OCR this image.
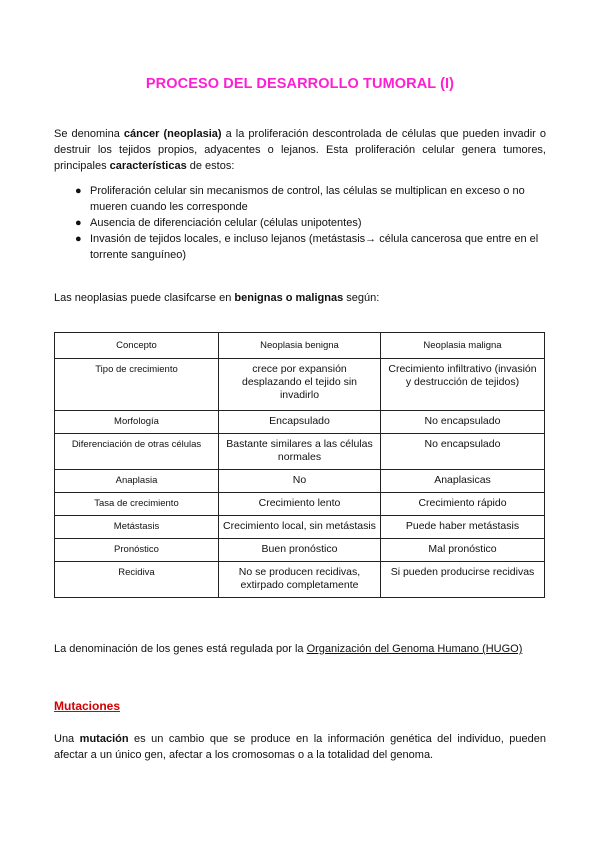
PROCESO DEL DESARROLLO TUMORAL (I)

Se denomina cáncer (neoplasia) a la proliferación descontrolada de células que pueden invadir o destruir los tejidos propios, adyacentes o lejanos. Esta proliferación celular genera tumores, principales características de estos:

● Proliferación celular sin mecanismos de control, las células se multiplican en exceso o no mueren cuando les corresponde
● Ausencia de diferenciación celular (células unipotentes)
● Invasión de tejidos locales, e incluso lejanos (metástasis→ célula cancerosa que entre en el torrente sanguíneo)

Las neoplasias puede clasifcarse en benignas o malignas según:

Concepto	Neoplasia benigna	Neoplasia maligna
Tipo de crecimiento	crece por expansión desplazando el tejido sin invadirlo	Crecimiento infiltrativo (invasión y destrucción de tejidos)
Morfología	Encapsulado	No encapsulado
Diferenciación de otras células	Bastante similares a las células normales	No encapsulado
Anaplasia	No	Anaplasicas
Tasa de crecimiento	Crecimiento lento	Crecimiento rápido
Metástasis	Crecimiento local, sin metástasis	Puede haber metástasis
Pronóstico	Buen pronóstico	Mal pronóstico
Recidiva	No se producen recidivas, extirpado completamente	Si pueden producirse recidivas

La denominación de los genes está regulada por la Organización del Genoma Humano (HUGO)

Mutaciones

Una mutación es un cambio que se produce en la información genética del individuo, pueden afectar a un único gen, afectar a los cromosomas o a la totalidad del genoma.
